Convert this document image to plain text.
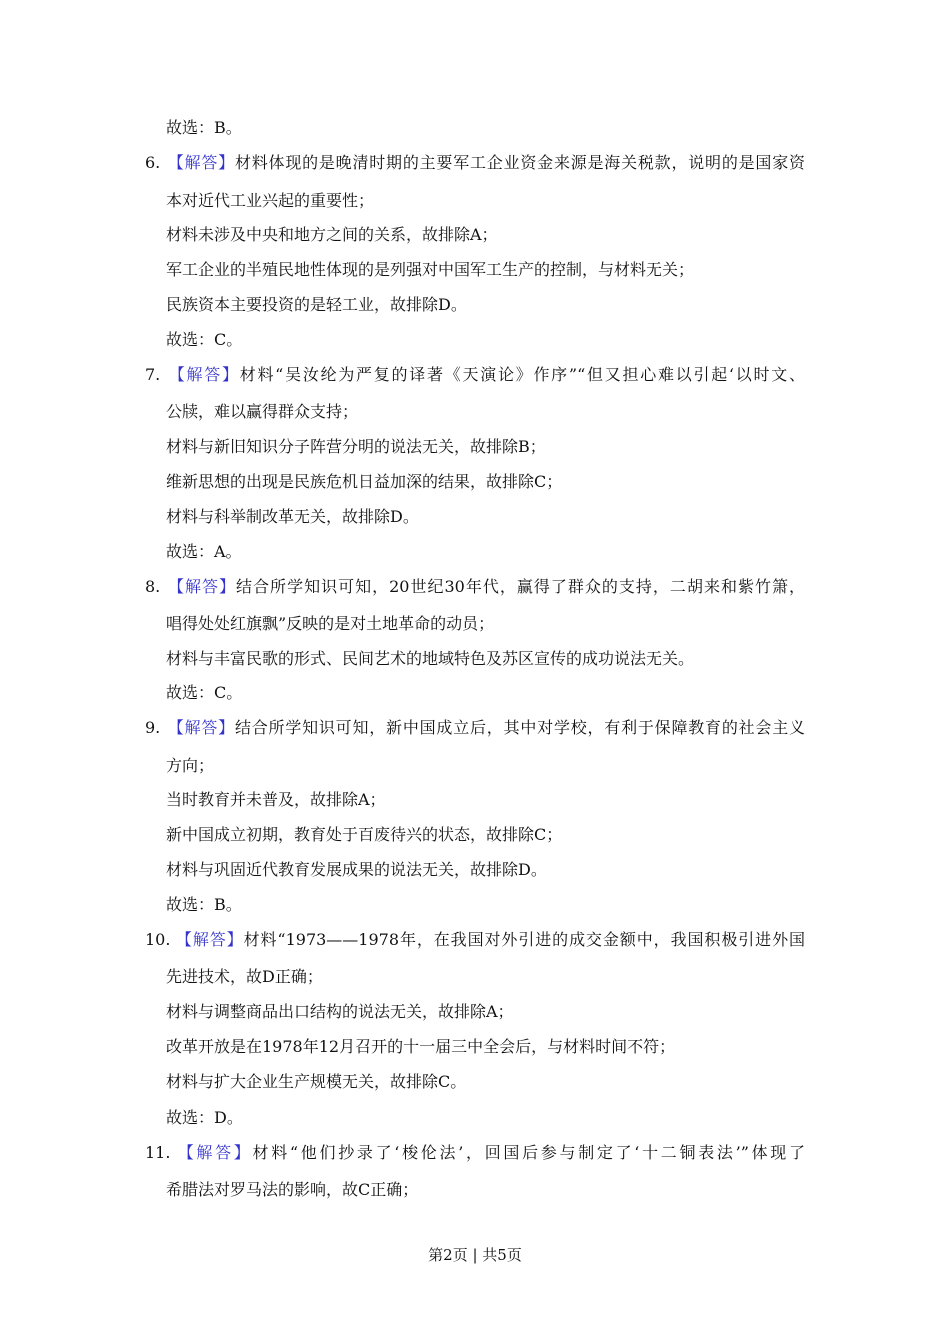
故选：B。
6. 【解答】材料体现的是晚清时期的主要军工企业资金来源是海关税款，说明的是国家资
本对近代工业兴起的重要性；
材料未涉及中央和地方之间的关系，故排除A；
军工企业的半殖民地性体现的是列强对中国军工生产的控制，与材料无关；
民族资本主要投资的是轻工业，故排除D。
故选：C。
7. 【解答】材料“吴汝纶为严复的译著《天演论》作序”“但又担心难以引起‘以时文、
公牍，难以赢得群众支持；
材料与新旧知识分子阵营分明的说法无关，故排除B；
维新思想的出现是民族危机日益加深的结果，故排除C；
材料与科举制改革无关，故排除D。
故选：A。
8. 【解答】结合所学知识可知，20世纪30年代，赢得了群众的支持，二胡来和紫竹箫，
唱得处处红旗飘”反映的是对土地革命的动员；
材料与丰富民歌的形式、民间艺术的地域特色及苏区宣传的成功说法无关。
故选：C。
9. 【解答】结合所学知识可知，新中国成立后，其中对学校，有利于保障教育的社会主义
方向；
当时教育并未普及，故排除A；
新中国成立初期，教育处于百废待兴的状态，故排除C；
材料与巩固近代教育发展成果的说法无关，故排除D。
故选：B。
10. 【解答】材料“1973——1978年，在我国对外引进的成交金额中，我国积极引进外国
先进技术，故D正确；
材料与调整商品出口结构的说法无关，故排除A；
改革开放是在1978年12月召开的十一届三中全会后，与材料时间不符；
材料与扩大企业生产规模无关，故排除C。
故选：D。
11. 【解答】材料“他们抄录了‘梭伦法’，回国后参与制定了‘十二铜表法’”体现了
希腊法对罗马法的影响，故C正确；
第2页 | 共5页
